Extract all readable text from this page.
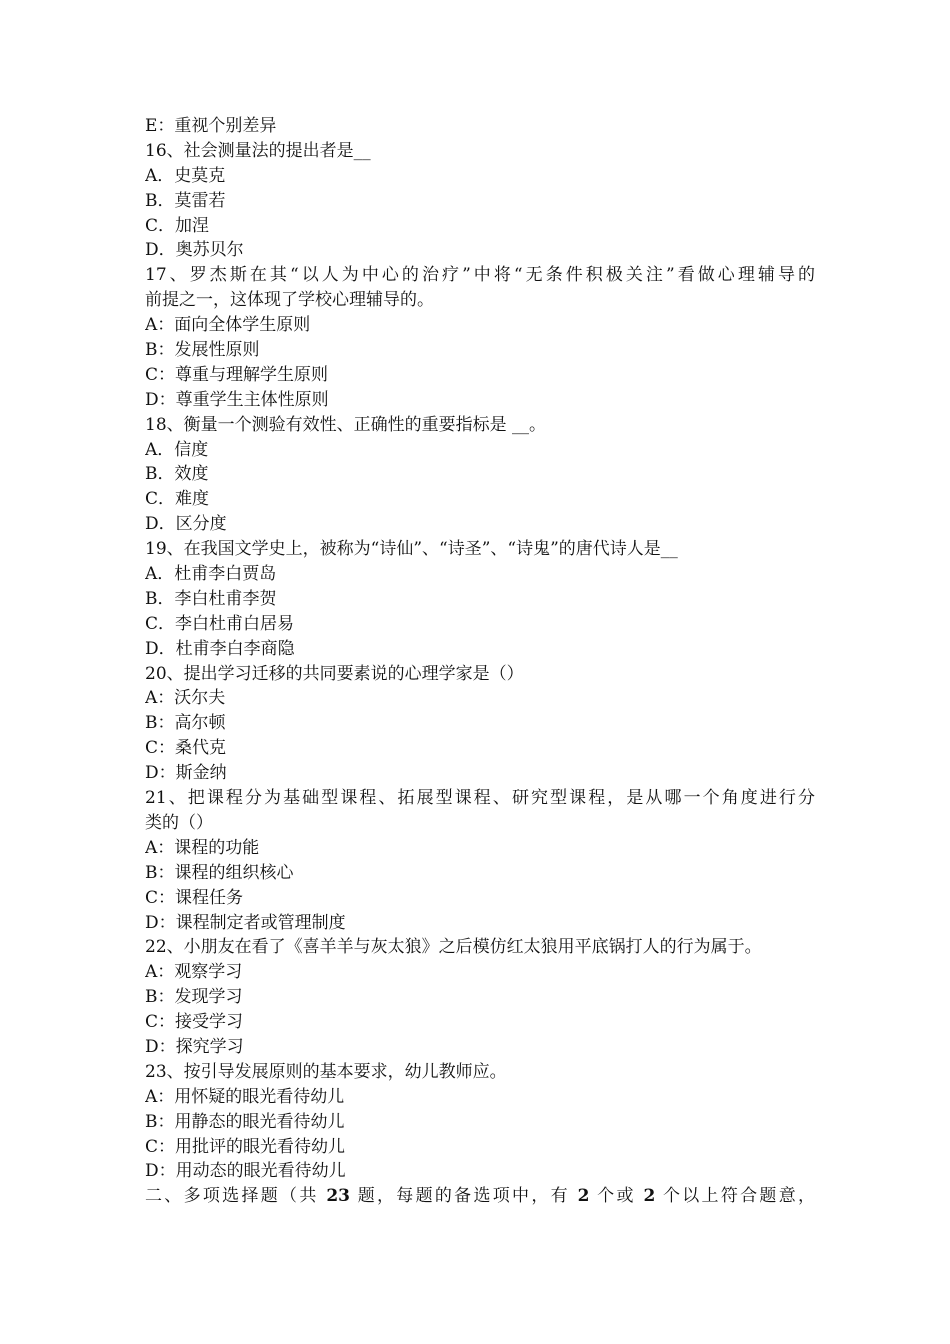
E：重视个别差异
16、社会测量法的提出者是__
A．史莫克
B．莫雷若
C．加涅
D．奥苏贝尔
17、罗杰斯在其“以人为中心的治疗”中将“无条件积极关注”看做心理辅导的
前提之一，这体现了学校心理辅导的。
A：面向全体学生原则
B：发展性原则
C：尊重与理解学生原则
D：尊重学生主体性原则
18、衡量一个测验有效性、正确性的重要指标是 __。
A．信度
B．效度
C．难度
D．区分度
19、在我国文学史上，被称为“诗仙”、“诗圣”、“诗鬼”的唐代诗人是__
A．杜甫李白贾岛
B．李白杜甫李贺
C．李白杜甫白居易
D．杜甫李白李商隐
20、提出学习迁移的共同要素说的心理学家是（）
A：沃尔夫
B：高尔顿
C：桑代克
D：斯金纳
21、把课程分为基础型课程、拓展型课程、研究型课程，是从哪一个角度进行分
类的（）
A：课程的功能
B：课程的组织核心
C：课程任务
D：课程制定者或管理制度
22、小朋友在看了《喜羊羊与灰太狼》之后模仿红太狼用平底锅打人的行为属于。
A：观察学习
B：发现学习
C：接受学习
D：探究学习
23、按引导发展原则的基本要求，幼儿教师应。
A：用怀疑的眼光看待幼儿
B：用静态的眼光看待幼儿
C：用批评的眼光看待幼儿
D：用动态的眼光看待幼儿
二、多项选择题（共 23 题，每题的备选项中，有 2 个或 2 个以上符合题意，
